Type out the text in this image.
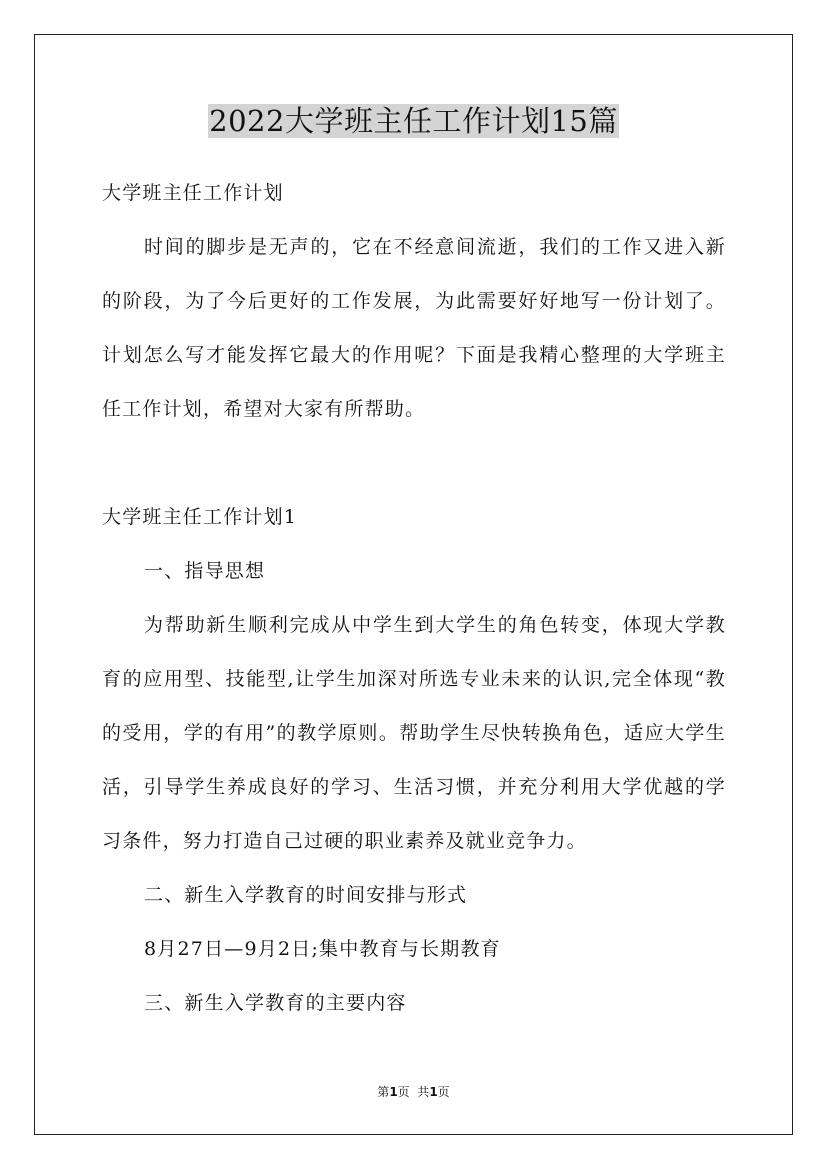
2022大学班主任工作计划15篇

大学班主任工作计划

时间的脚步是无声的，它在不经意间流逝，我们的工作又进入新的阶段，为了今后更好的工作发展，为此需要好好地写一份计划了。计划怎么写才能发挥它最大的作用呢？下面是我精心整理的大学班主任工作计划，希望对大家有所帮助。

大学班主任工作计划1

一、指导思想

为帮助新生顺利完成从中学生到大学生的角色转变，体现大学教育的应用型、技能型,让学生加深对所选专业未来的认识,完全体现“教的受用，学的有用”的教学原则。帮助学生尽快转换角色，适应大学生活，引导学生养成良好的学习、生活习惯，并充分利用大学优越的学习条件，努力打造自己过硬的职业素养及就业竞争力。

二、新生入学教育的时间安排与形式

8月27日—9月2日;集中教育与长期教育

三、新生入学教育的主要内容

第1页  共1页
